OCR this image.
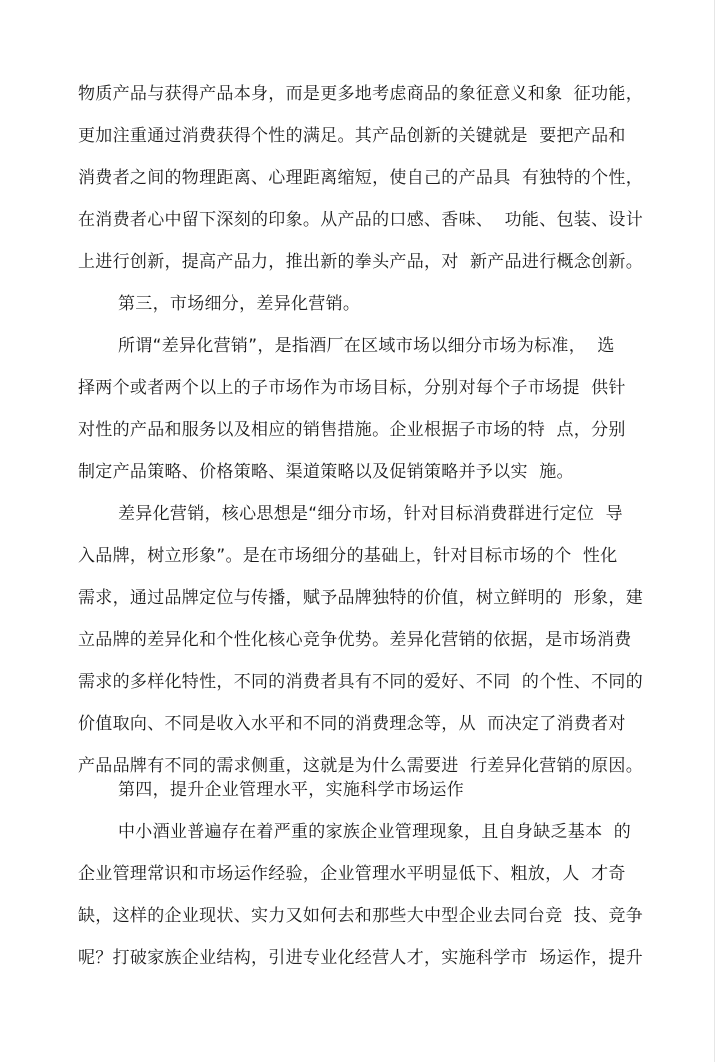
物质产品与获得产品本身，而是更多地考虑商品的象征意义和象  征功能，
更加注重通过消费获得个性的满足。其产品创新的关键就是  要把产品和
消费者之间的物理距离、心理距离缩短，使自己的产品具  有独特的个性，
在消费者心中留下深刻的印象。从产品的口感、香味、  功能、包装、设计
上进行创新，提高产品力，推出新的拳头产品，对  新产品进行概念创新。
第三，市场细分，差异化营销。
所谓“差异化营销”，是指酒厂在区域市场以细分市场为标准，  选
择两个或者两个以上的子市场作为市场目标，分别对每个子市场提  供针
对性的产品和服务以及相应的销售措施。企业根据子市场的特  点，分别
制定产品策略、价格策略、渠道策略以及促销策略并予以实  施。
差异化营销，核心思想是“细分市场，针对目标消费群进行定位  导
入品牌，树立形象”。是在市场细分的基础上，针对目标市场的个  性化
需求，通过品牌定位与传播，赋予品牌独特的价值，树立鲜明的  形象，建
立品牌的差异化和个性化核心竞争优势。差异化营销的依据，是市场消费
需求的多样化特性，不同的消费者具有不同的爱好、不同  的个性、不同的
价值取向、不同是收入水平和不同的消费理念等，从  而决定了消费者对
产品品牌有不同的需求侧重，这就是为什么需要进  行差异化营销的原因。
第四，提升企业管理水平，实施科学市场运作
中小酒业普遍存在着严重的家族企业管理现象，且自身缺乏基本  的
企业管理常识和市场运作经验，企业管理水平明显低下、粗放，人  才奇
缺，这样的企业现状、实力又如何去和那些大中型企业去同台竞  技、竞争
呢？打破家族企业结构，引进专业化经营人才，实施科学市  场运作，提升
